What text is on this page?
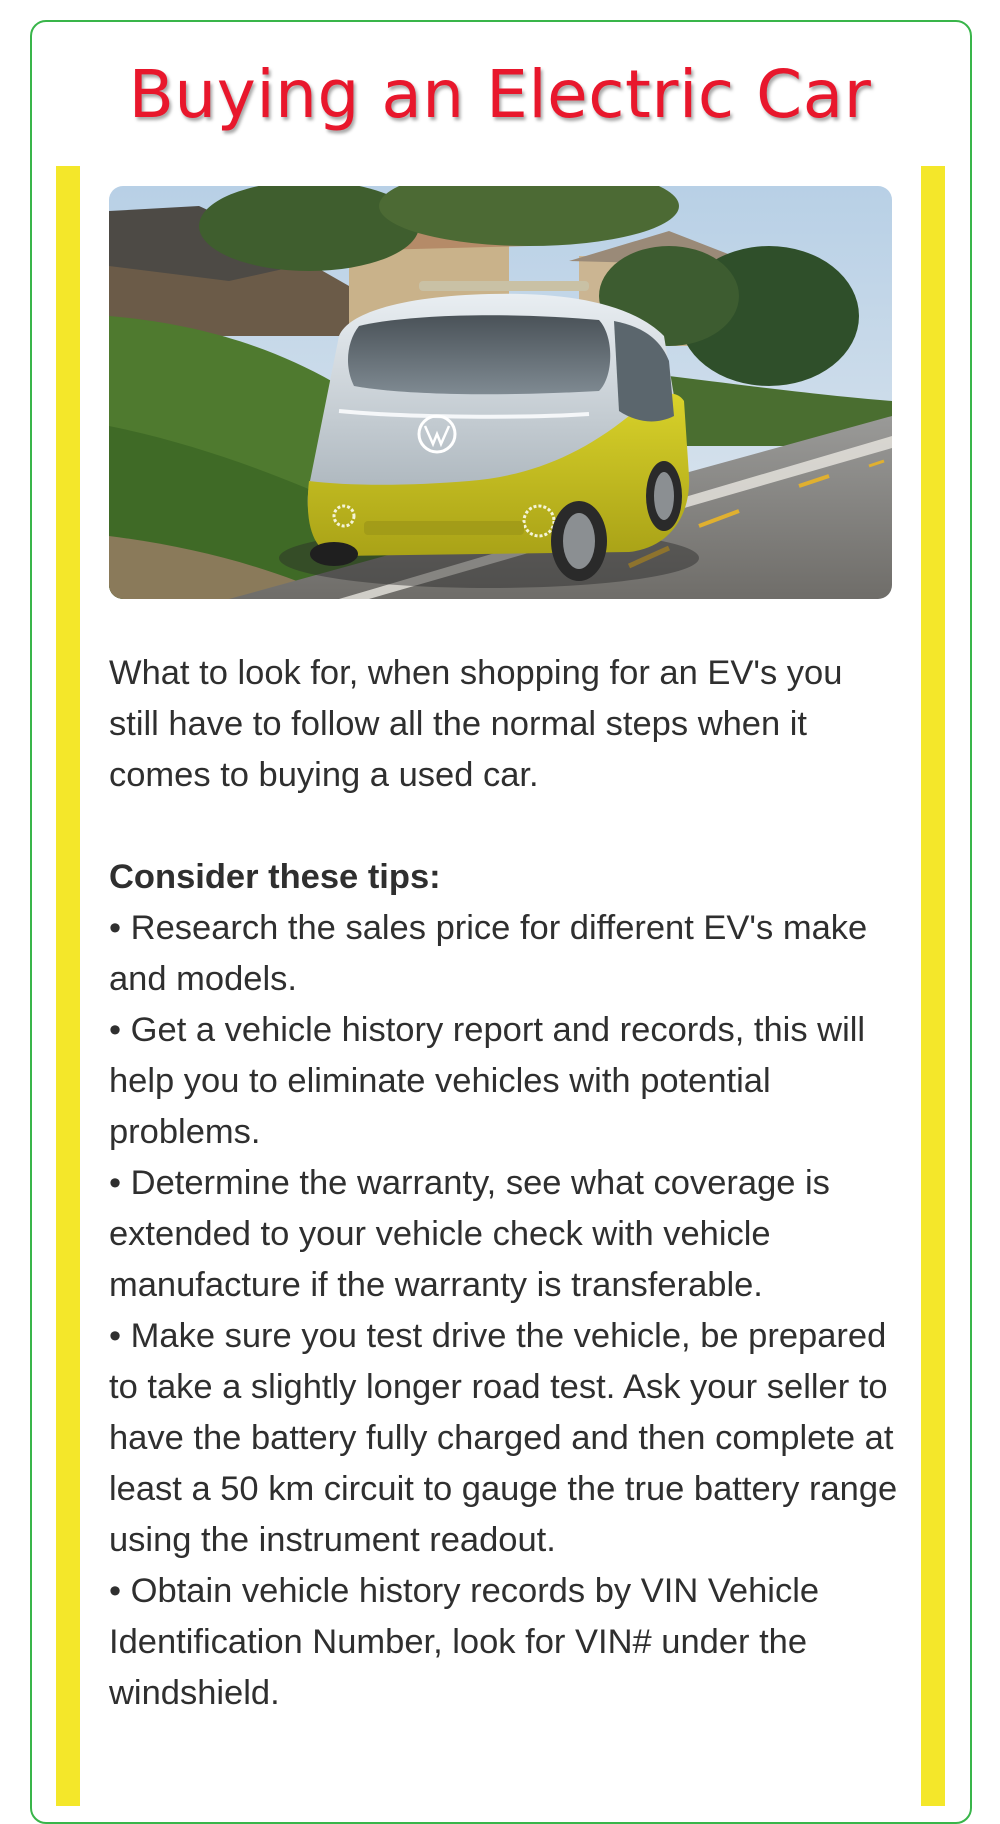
Buying an Electric Car

What to look for, when shopping for an EV's you still have to follow all the normal steps when it comes to buying a used car.

Consider these tips:

• Research the sales price for different EV's make and models.

• Get a vehicle history report and records, this will help you to eliminate vehicles with potential problems.

• Determine the warranty, see what coverage is extended to your vehicle check with vehicle manufacture if the warranty is transferable.

• Make sure you test drive the vehicle, be prepared to take a slightly longer road test. Ask your seller to have the battery fully charged and then complete at least a 50 km circuit to gauge the true battery range using the instrument readout.

• Obtain vehicle history records by VIN Vehicle Identification Number, look for VIN# under the windshield.
